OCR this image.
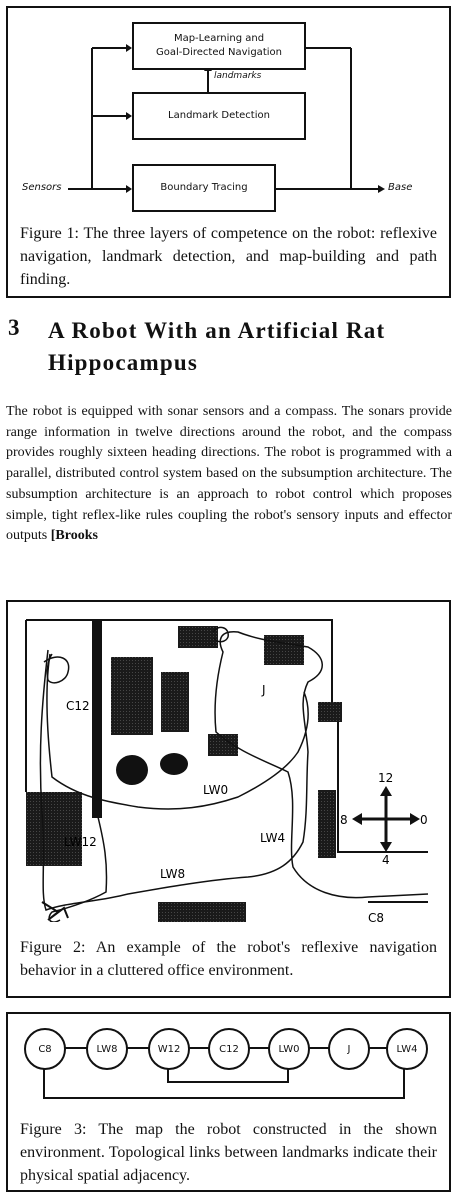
Map-Learning and
Goal-Directed Navigation
landmarks
Landmark Detection
Boundary Tracing
Sensors	Base
Figure 1: The three layers of competence on the robot: reflexive navigation, landmark detection, and map-building and path finding.
3 A Robot With an Artificial Rat Hippocampus
The robot is equipped with sonar sensors and a compass. The sonars provide range information in twelve directions around the robot, and the compass provides roughly sixteen heading directions. The robot is programmed with a parallel, distributed control system based on the subsumption architecture. The subsumption architecture is an approach to robot control which proposes simple, tight reflex-like rules coupling the robot's sensory inputs and effector outputs [Brooks
C12
J
LW0
LW12	LW4
LW8
C8
12
8	0
4
Figure 2: An example of the robot's reflexive navigation behavior in a cluttered office environment.
C8	LW8	W12	C12	LW0	J	LW4
Figure 3: The map the robot constructed in the shown environment. Topological links between landmarks indicate their physical spatial adjacency.
